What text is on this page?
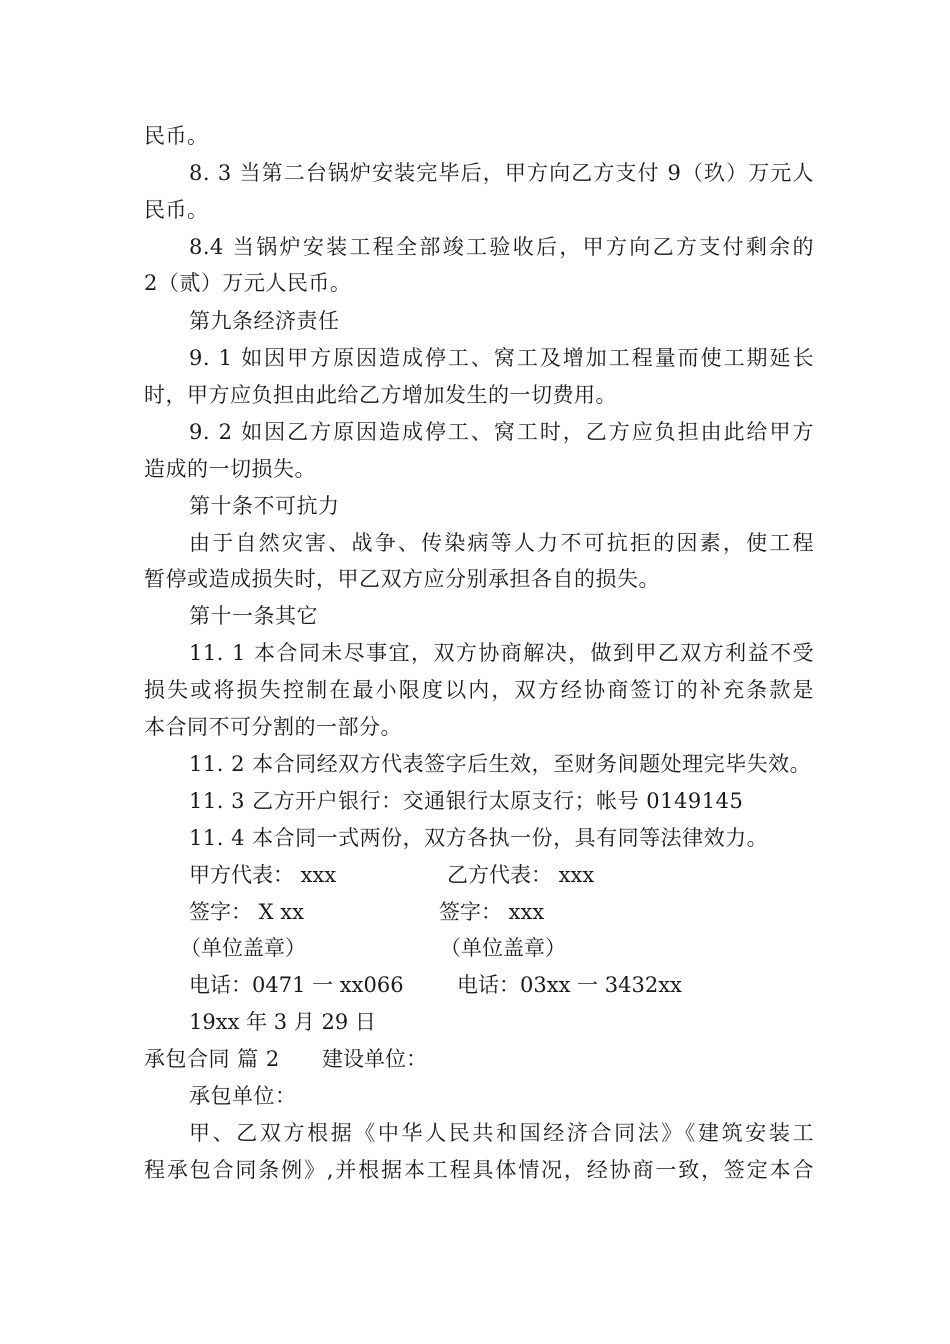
民币。
8. 3 当第二台锅炉安装完毕后，甲方向乙方支付 9（玖）万元人
民币。
8.4 当锅炉安装工程全部竣工验收后，甲方向乙方支付剩余的
2（贰）万元人民币。
第九条经济责任
9. 1 如因甲方原因造成停工、窝工及增加工程量而使工期延长
时，甲方应负担由此给乙方增加发生的一切费用。
9. 2 如因乙方原因造成停工、窝工时，乙方应负担由此给甲方
造成的一切损失。
第十条不可抗力
由于自然灾害、战争、传染病等人力不可抗拒的因素，使工程
暂停或造成损失时，甲乙双方应分别承担各自的损失。
第十一条其它
11. 1 本合同未尽事宜，双方协商解决，做到甲乙双方利益不受
损失或将损失控制在最小限度以内，双方经协商签订的补充条款是
本合同不可分割的一部分。
11. 2 本合同经双方代表签字后生效，至财务间题处理完毕失效。
11. 3 乙方开户银行：交通银行太原支行；帐号 0149145
11. 4 本合同一式两份，双方各执一份，具有同等法律效力。
甲方代表： xxx	乙方代表： xxx
签字： X xx	签字： xxx
（单位盖章）	（单位盖章）
电话：0471 一 xx066	电话：03xx 一 3432xx
19xx 年 3 月 29 日
承包合同 篇 2 建设单位：
承包单位：
甲、乙双方根据《中华人民共和国经济合同法》《建筑安装工
程承包合同条例》,并根据本工程具体情况，经协商一致，签定本合
